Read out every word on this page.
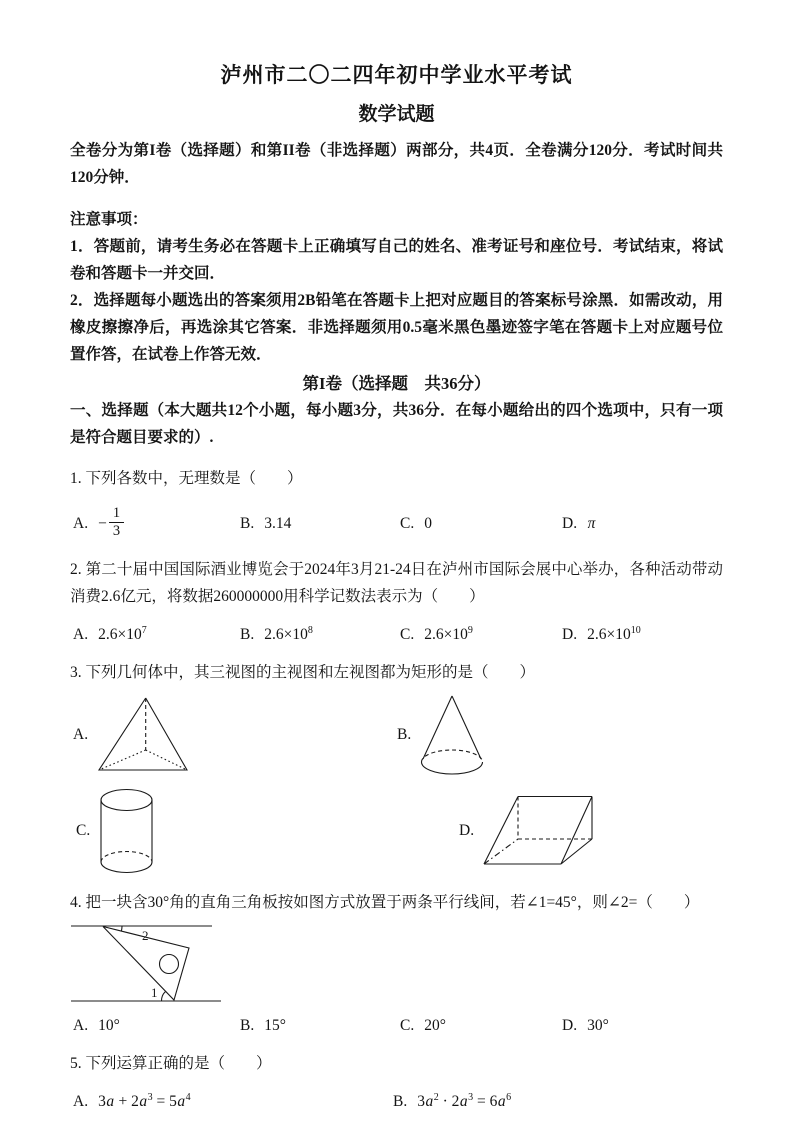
泸州市二〇二四年初中学业水平考试
数学试题

全卷分为第I卷（选择题）和第II卷（非选择题）两部分，共4页．全卷满分120分．考试时间共120分钟．

注意事项：

1．答题前，请考生务必在答题卡上正确填写自己的姓名、准考证号和座位号．考试结束，将试卷和答题卡一并交回．

2．选择题每小题选出的答案须用2B铅笔在答题卡上把对应题目的答案标号涂黑．如需改动，用橡皮擦擦净后，再选涂其它答案．非选择题须用0.5毫米黑色墨迹签字笔在答题卡上对应题号位置作答，在试卷上作答无效．

第I卷（选择题　共36分）

一、选择题（本大题共12个小题，每小题3分，共36分．在每小题给出的四个选项中，只有一项是符合题目要求的）.

1. 下列各数中，无理数是（　　）
A. − $\frac{1}{3}$	B. 3.14	C. 0	D. π

2. 第二十届中国国际酒业博览会于2024年3月21-24日在泸州市国际会展中心举办，各种活动带动消费2.6亿元，将数据260000000用科学记数法表示为（　　）

A. $2.6\times 10^7$	B. $2.6\times 10^8$	C. $2.6\times 10^9$	D. $2.6\times 10^{10}$
3. 下列几何体中，其三视图的主视图和左视图都为矩形的是（　　）
A.	B.
C.	D.
4. 把一块含30°角的直角三角板按如图方式放置于两条平行线间，若∠1=45°，则∠2=（　　）
2
1
A. 10°	B. 15°	C. 20°	D. 30°
5. 下列运算正确的是（　　）
A. $3a + 2a^3 = 5a^4$	B. $3a^2 \cdot 2a^3 = 6a^6$
